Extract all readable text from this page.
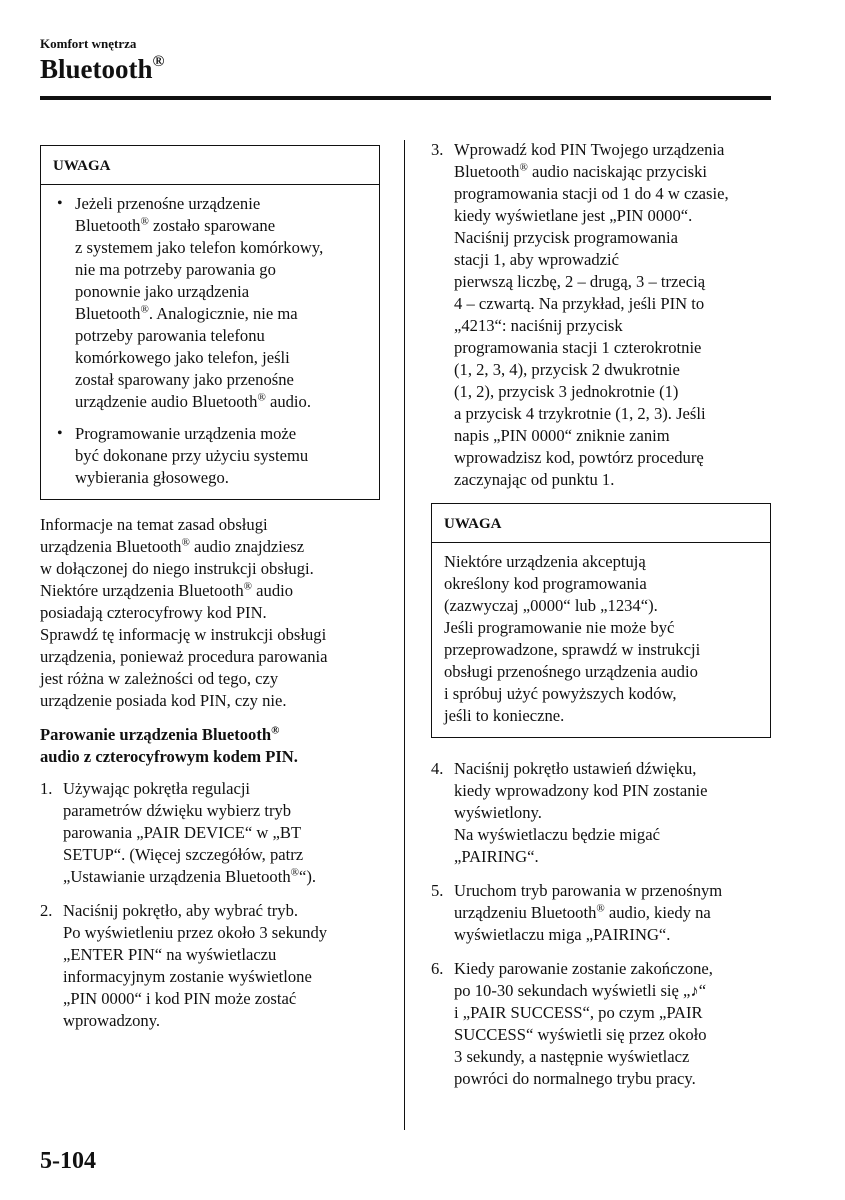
Komfort wnętrza
Bluetooth®
UWAGA
• Jeżeli przenośne urządzenie
Bluetooth® zostało sparowane
z systemem jako telefon komórkowy,
nie ma potrzeby parowania go
ponownie jako urządzenia
Bluetooth®. Analogicznie, nie ma
potrzeby parowania telefonu
komórkowego jako telefon, jeśli
został sparowany jako przenośne
urządzenie audio Bluetooth® audio.
• Programowanie urządzenia może
być dokonane przy użyciu systemu
wybierania głosowego.

Informacje na temat zasad obsługi
urządzenia Bluetooth® audio znajdziesz
w dołączonej do niego instrukcji obsługi.
Niektóre urządzenia Bluetooth® audio
posiadają czterocyfrowy kod PIN.
Sprawdź tę informację w instrukcji obsługi
urządzenia, ponieważ procedura parowania
jest różna w zależności od tego, czy
urządzenie posiada kod PIN, czy nie.

Parowanie urządzenia Bluetooth®
audio z czterocyfrowym kodem PIN.

1. Używając pokrętła regulacji
parametrów dźwięku wybierz tryb
parowania „PAIR DEVICE“ w „BT
SETUP“. (Więcej szczegółów, patrz
„Ustawianie urządzenia Bluetooth®“).
2. Naciśnij pokrętło, aby wybrać tryb.
Po wyświetleniu przez około 3 sekundy
„ENTER PIN“ na wyświetlaczu
informacyjnym zostanie wyświetlone
„PIN 0000“ i kod PIN może zostać
wprowadzony.
3. Wprowadź kod PIN Twojego urządzenia
Bluetooth® audio naciskając przyciski
programowania stacji od 1 do 4 w czasie,
kiedy wyświetlane jest „PIN 0000“.
Naciśnij przycisk programowania
stacji 1, aby wprowadzić
pierwszą liczbę, 2 – drugą, 3 – trzecią
4 – czwartą. Na przykład, jeśli PIN to
„4213“: naciśnij przycisk
programowania stacji 1 czterokrotnie
(1, 2, 3, 4), przycisk 2 dwukrotnie
(1, 2), przycisk 3 jednokrotnie (1)
a przycisk 4 trzykrotnie (1, 2, 3). Jeśli
napis „PIN 0000“ zniknie zanim
wprowadzisz kod, powtórz procedurę
zaczynając od punktu 1.
UWAGA
Niektóre urządzenia akceptują
określony kod programowania
(zazwyczaj „0000“ lub „1234“).
Jeśli programowanie nie może być
przeprowadzone, sprawdź w instrukcji
obsługi przenośnego urządzenia audio
i spróbuj użyć powyższych kodów,
jeśli to konieczne.
4. Naciśnij pokrętło ustawień dźwięku,
kiedy wprowadzony kod PIN zostanie
wyświetlony.
Na wyświetlaczu będzie migać
„PAIRING“.
5. Uruchom tryb parowania w przenośnym
urządzeniu Bluetooth® audio, kiedy na
wyświetlaczu miga „PAIRING“.
6. Kiedy parowanie zostanie zakończone,
po 10-30 sekundach wyświetli się „♪“
i „PAIR SUCCESS“, po czym „PAIR
SUCCESS“ wyświetli się przez około
3 sekundy, a następnie wyświetlacz
powróci do normalnego trybu pracy.
5-104
